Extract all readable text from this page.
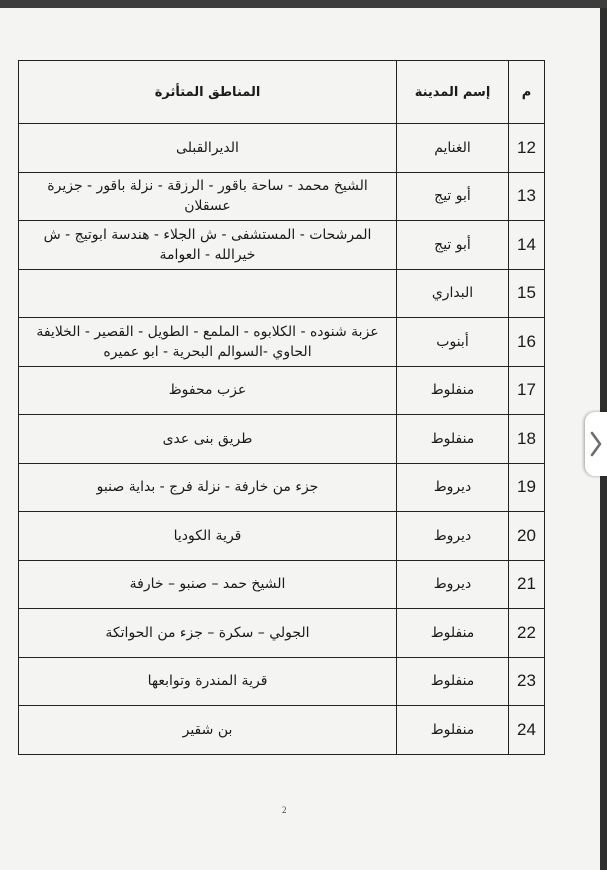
م	إسم المدينة	المناطق المتأثرة
12	الغنايم	الديرالقبلى
13	أبو تيج	الشيخ محمد - ساحة باقور - الرزقة - نزلة باقور - جزيرة عسقلان
14	أبو تيج	المرشحات - المستشفى - ش الجلاء - هندسة ابوتيج - ش خيرالله - العوامة
15	البداري	
16	أبنوب	عزبة شنوده - الكلابوه - الملمع - الطويل - القصير - الخلايفة الحاوي -السوالم البحرية - ابو عميره
17	منفلوط	عزب محفوظ
18	منفلوط	طريق بنى عدى
19	ديروط	جزء من خارفة - نزلة فرج - بداية صنبو
20	ديروط	قرية الكوديا
21	ديروط	الشيخ حمد – صنبو – خارفة
22	منفلوط	الجولي – سكرة – جزء من الحواتكة
23	منفلوط	قرية المندرة وتوابعها
24	منفلوط	بن شقير
2
